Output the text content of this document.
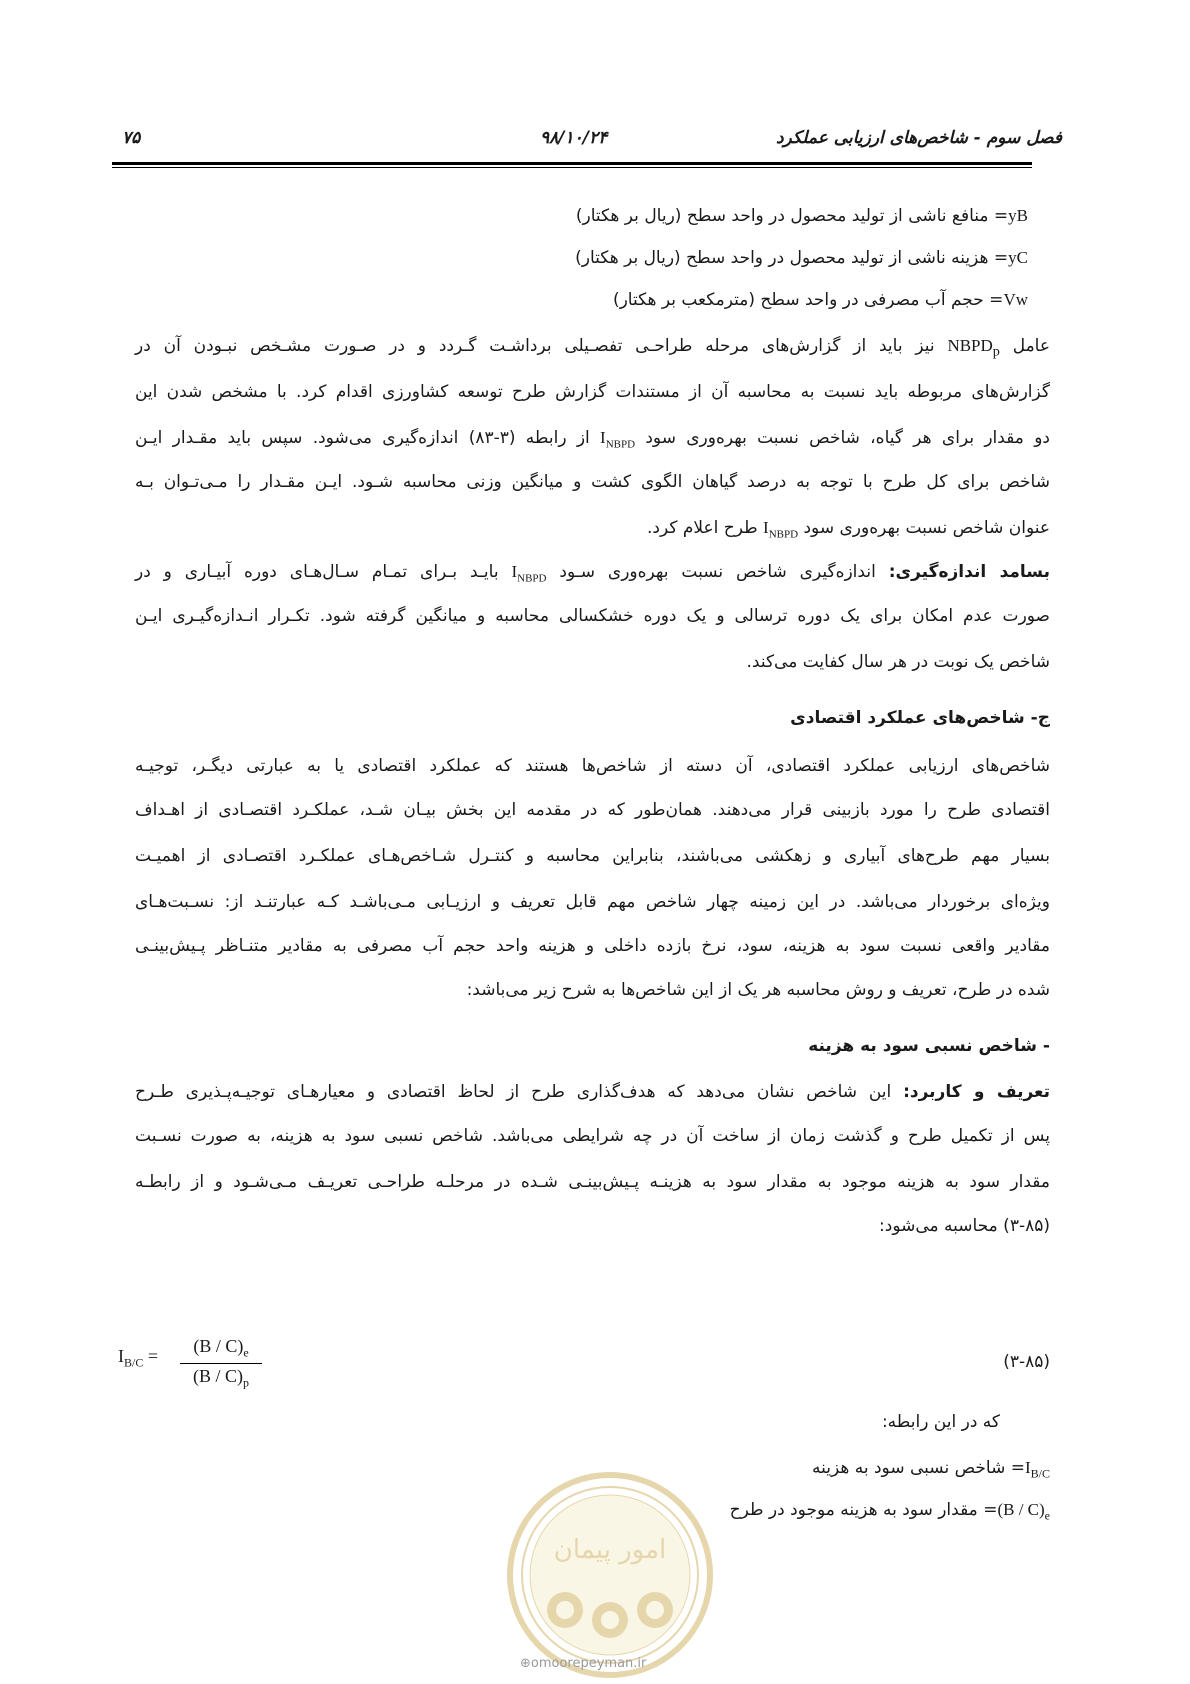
فصل سوم - شاخص‌های ارزیابی عملکرد
۹۸/۱۰/۲۴
۷۵
yB= منافع ناشی از تولید محصول در واحد سطح (ریال بر هکتار)
yC= هزینه ناشی از تولید محصول در واحد سطح (ریال بر هکتار)
Vw= حجم آب مصرفی در واحد سطح (مترمکعب بر هکتار)
عامل $NBPD_p$ نیز باید از گزارش‌های مرحله طراحـی تفصـیلی برداشـت گـردد و در صـورت مشـخص نبـودن آن در
گزارش‌های مربوطه باید نسبت به محاسبه آن از مستندات گزارش طرح توسعه کشاورزی اقدام کرد. با مشخص شدن این
دو مقدار برای هر گیاه، شاخص نسبت بهره‌وری سود $I_{NBPD}$ از رابطه (۳-۸۳) اندازه‌گیری می‌شود. سپس باید مقـدار ایـن
شاخص برای کل طرح با توجه به درصد گیاهان الگوی کشت و میانگین وزنی محاسبه شـود. ایـن مقـدار را مـی‌تـوان بـه
عنوان شاخص نسبت بهره‌وری سود $I_{NBPD}$ طرح اعلام کرد.
بسامد اندازه‌گیری: اندازه‌گیری شاخص نسبت بهره‌وری سـود $I_{NBPD}$ بایـد بـرای تمـام سـال‌هـای دوره آبیـاری و در
صورت عدم امکان برای یک دوره ترسالی و یک دوره خشکسالی محاسبه و میانگین گرفته شود. تکـرار انـدازه‌گیـری ایـن
شاخص یک نوبت در هر سال کفایت می‌کند.
ج- شاخص‌های عملکرد اقتصادی
شاخص‌های ارزیابی عملکرد اقتصادی، آن دسته از شاخص‌ها هستند که عملکرد اقتصادی یا به عبارتی دیگـر، توجیـه
اقتصادی طرح را مورد بازبینی قرار می‌دهند. همان‌طور که در مقدمه این بخش بیـان شـد، عملکـرد اقتصـادی از اهـداف
بسیار مهم طرح‌های آبیاری و زهکشی می‌باشند، بنابراین محاسبه و کنتـرل شـاخص‌هـای عملکـرد اقتصـادی از اهمیـت
ویژه‌ای برخوردار می‌باشد. در این زمینه چهار شاخص مهم قابل تعریف و ارزیـابی مـی‌باشـد کـه عبارتنـد از: نسـبت‌هـای
مقادیر واقعی نسبت سود به هزینه، سود، نرخ بازده داخلی و هزینه واحد حجم آب مصرفی به مقادیر متنـاظر پـیش‌بینـی
شده در طرح، تعریف و روش محاسبه هر یک از این شاخص‌ها به شرح زیر می‌باشد:
- شاخص نسبی سود به هزینه
تعریف و کاربرد: این شاخص نشان می‌دهد که هدف‌گذاری طرح از لحاظ اقتصادی و معیارهـای توجیـه‌پـذیری طـرح
پس از تکمیل طرح و گذشت زمان از ساخت آن در چه شرایطی می‌باشد. شاخص نسبی سود به هزینه، به صورت نسـبت
مقدار سود به هزینه موجود به مقدار سود به هزینـه پـیش‌بینـی شـده در مرحلـه طراحـی تعریـف مـی‌شـود و از رابطـه
(۳-۸۵) محاسبه می‌شود:
$I_{B/C}$ =	$(B / C)_e$
$(B / C)_p$
(۳-۸۵)
که در این رابطه:
$I_{B/C}=$ شاخص نسبی سود به هزینه
$(B / C)_e=$ مقدار سود به هزینه موجود در طرح
امور پیمان
⊕omoorepeyman.ir
